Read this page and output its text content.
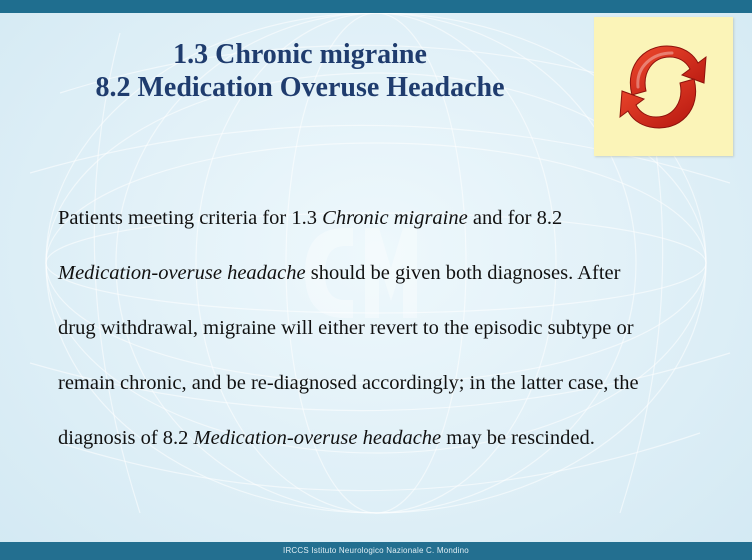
1.3 Chronic migraine
8.2 Medication Overuse Headache

Patients meeting criteria for 1.3 Chronic migraine and for 8.2

Medication-overuse headache should be given both diagnoses. After

drug withdrawal, migraine will either revert to the episodic subtype or

remain chronic, and be re-diagnosed accordingly; in the latter case, the

diagnosis of 8.2 Medication-overuse headache may be rescinded.

IRCCS Istituto Neurologico Nazionale C. Mondino
